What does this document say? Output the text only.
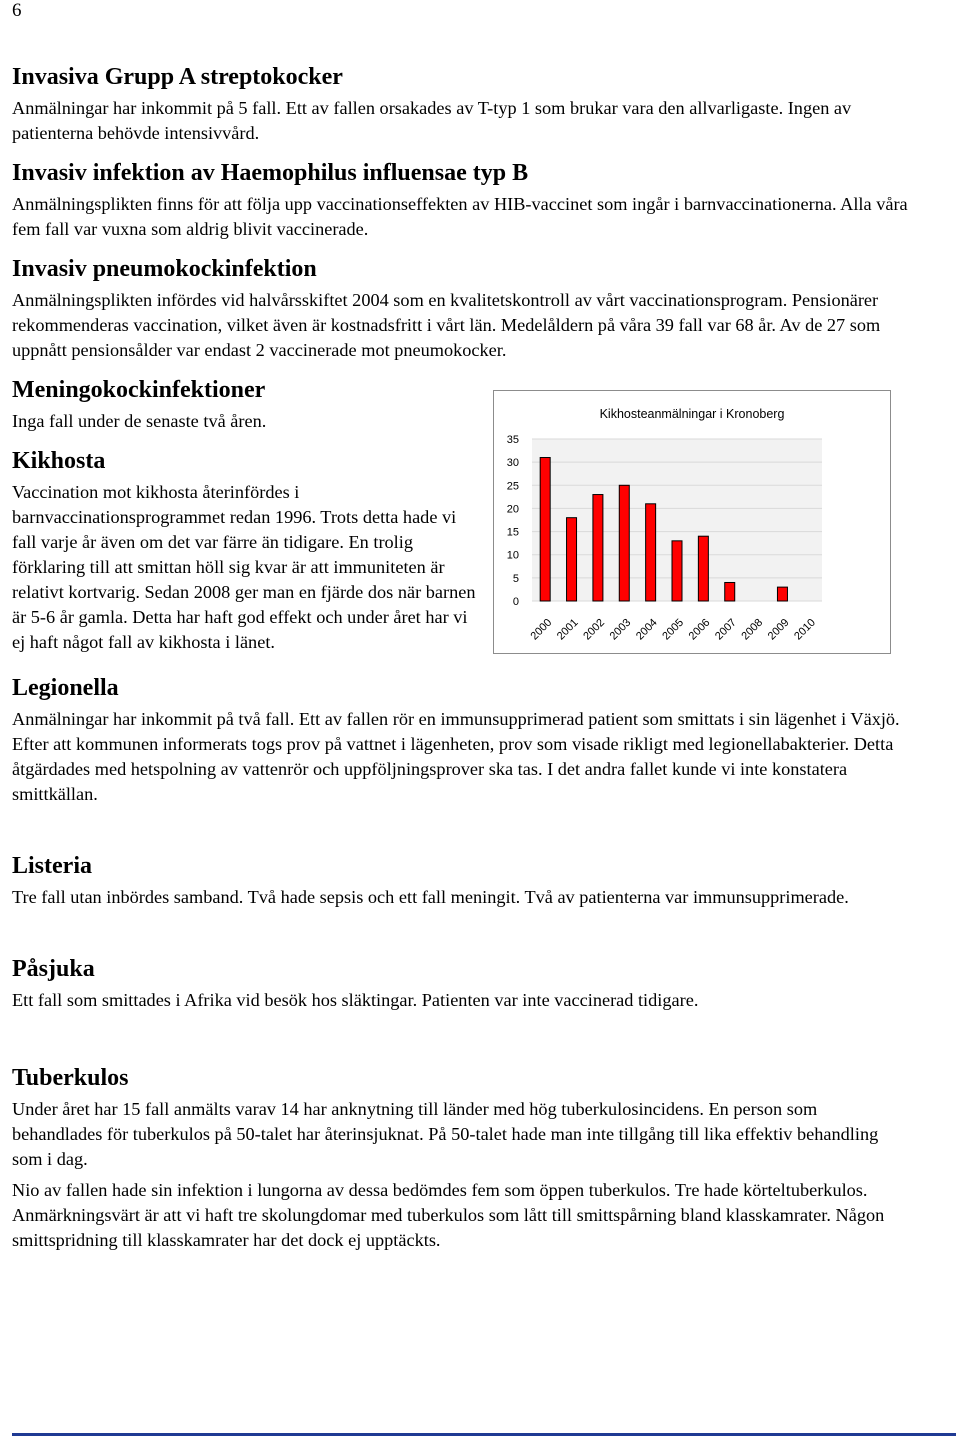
6
Invasiva Grupp A streptokocker

Anmälningar har inkommit på 5 fall. Ett av fallen orsakades av T-typ 1 som brukar vara den allvarligaste. Ingen av patienterna behövde intensivvård.

Invasiv infektion av Haemophilus influensae typ B

Anmälningsplikten finns för att följa upp vaccinationseffekten av HIB-vaccinet som ingår i barnvaccinationerna. Alla våra fem fall var vuxna som aldrig blivit vaccinerade.

Invasiv pneumokockinfektion

Anmälningsplikten infördes vid halvårsskiftet 2004 som en kvalitetskontroll av vårt vaccinationsprogram. Pensionärer rekommenderas vaccination, vilket även är kostnadsfritt i vårt län. Medelåldern på våra 39 fall var 68 år. Av de 27 som uppnått pensionsålder var endast 2 vaccinerade mot pneumokocker.

Meningokockinfektioner

Inga fall under de senaste två åren.

Kikhosta

Vaccination mot kikhosta återinfördes i barnvaccinationsprogrammet redan 1996. Trots detta hade vi fall varje år även om det var färre än tidigare. En trolig förklaring till att smittan höll sig kvar är att immuniteten är relativt kortvarig. Sedan 2008 ger man en fjärde dos när barnen är 5-6 år gamla. Detta har haft god effekt och under året har vi ej haft något fall av kikhosta i länet.

Kikhosteanmälningar i Kronoberg
0
5
10
15
20
25
30
35
2000 2001 2002 2003 2004 2005 2006 2007 2008 2009 2010
Legionella

Anmälningar har inkommit på två fall. Ett av fallen rör en immunsupprimerad patient som smittats i sin lägenhet i Växjö. Efter att kommunen informerats togs prov på vattnet i lägenheten, prov som visade rikligt med legionellabakterier. Detta åtgärdades med hetspolning av vattenrör och uppföljningsprover ska tas. I det andra fallet kunde vi inte konstatera smittkällan.

Listeria

Tre fall utan inbördes samband. Två hade sepsis och ett fall meningit. Två av patienterna var immunsupprimerade.

Påsjuka

Ett fall som smittades i Afrika vid besök hos släktingar. Patienten var inte vaccinerad tidigare.

Tuberkulos

Under året har 15 fall anmälts varav 14 har anknytning till länder med hög tuberkulosincidens. En person som behandlades för tuberkulos på 50-talet har återinsjuknat. På 50-talet hade man inte tillgång till lika effektiv behandling som i dag.

Nio av fallen hade sin infektion i lungorna av dessa bedömdes fem som öppen tuberkulos. Tre hade körteltuberkulos. Anmärkningsvärt är att vi haft tre skolungdomar med tuberkulos som lått till smittspårning bland klasskamrater. Någon smittspridning till klasskamrater har det dock ej upptäckts.
